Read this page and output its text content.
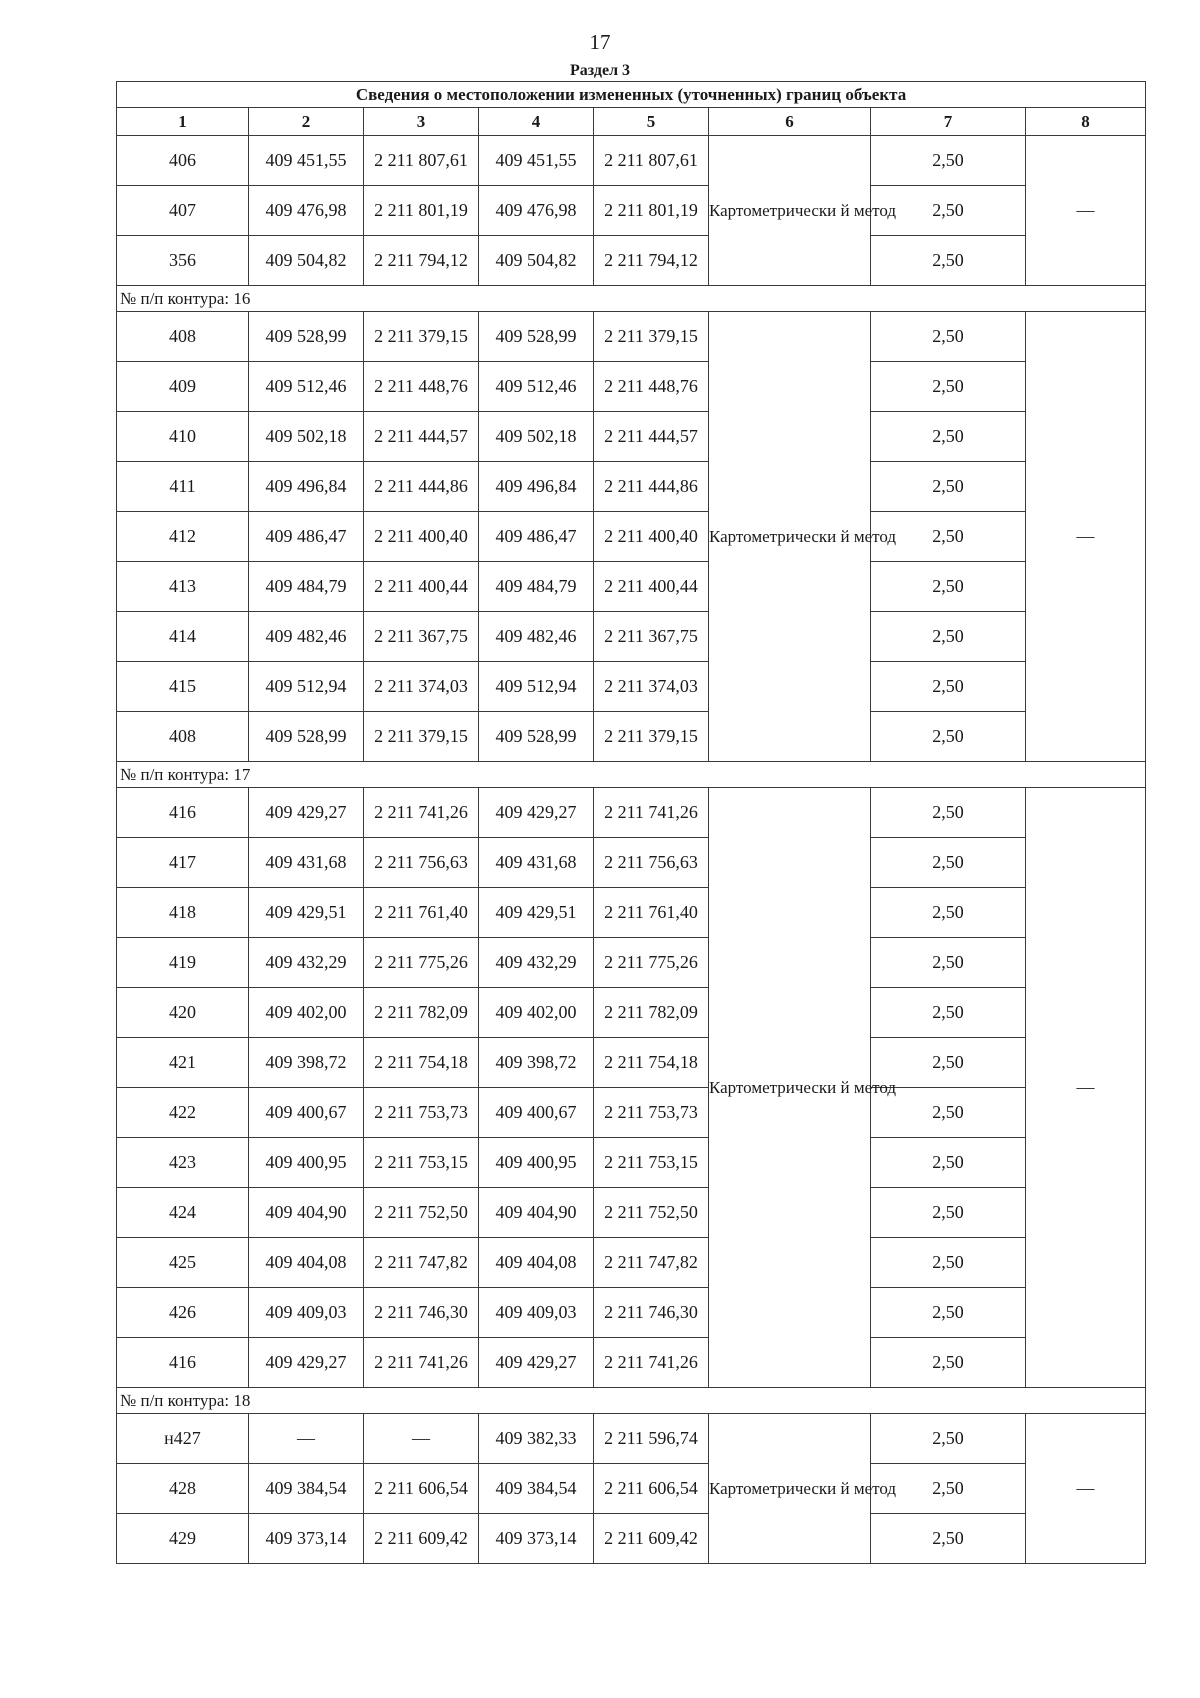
17
Раздел 3
Сведения о местоположении измененных (уточненных) границ объекта							
1	2	3	4	5	6	7	8
406	409 451,55	2 211 807,61	409 451,55	2 211 807,61	Картометрически й метод	2,50	—
407	409 476,98	2 211 801,19	409 476,98	2 211 801,19		2,50	
356	409 504,82	2 211 794,12	409 504,82	2 211 794,12		2,50	
№ п/п контура: 16							
408	409 528,99	2 211 379,15	409 528,99	2 211 379,15	Картометрически й метод	2,50	—
409	409 512,46	2 211 448,76	409 512,46	2 211 448,76		2,50	
410	409 502,18	2 211 444,57	409 502,18	2 211 444,57		2,50	
411	409 496,84	2 211 444,86	409 496,84	2 211 444,86		2,50	
412	409 486,47	2 211 400,40	409 486,47	2 211 400,40		2,50	
413	409 484,79	2 211 400,44	409 484,79	2 211 400,44		2,50	
414	409 482,46	2 211 367,75	409 482,46	2 211 367,75		2,50	
415	409 512,94	2 211 374,03	409 512,94	2 211 374,03		2,50	
408	409 528,99	2 211 379,15	409 528,99	2 211 379,15		2,50	
№ п/п контура: 17							
416	409 429,27	2 211 741,26	409 429,27	2 211 741,26	Картометрически й метод	2,50	—
417	409 431,68	2 211 756,63	409 431,68	2 211 756,63		2,50	
418	409 429,51	2 211 761,40	409 429,51	2 211 761,40		2,50	
419	409 432,29	2 211 775,26	409 432,29	2 211 775,26		2,50	
420	409 402,00	2 211 782,09	409 402,00	2 211 782,09		2,50	
421	409 398,72	2 211 754,18	409 398,72	2 211 754,18		2,50	
422	409 400,67	2 211 753,73	409 400,67	2 211 753,73		2,50	
423	409 400,95	2 211 753,15	409 400,95	2 211 753,15		2,50	
424	409 404,90	2 211 752,50	409 404,90	2 211 752,50		2,50	
425	409 404,08	2 211 747,82	409 404,08	2 211 747,82		2,50	
426	409 409,03	2 211 746,30	409 409,03	2 211 746,30		2,50	
416	409 429,27	2 211 741,26	409 429,27	2 211 741,26		2,50	
№ п/п контура: 18							
н427	—	—	409 382,33	2 211 596,74	Картометрически й метод	2,50	—
428	409 384,54	2 211 606,54	409 384,54	2 211 606,54		2,50	
429	409 373,14	2 211 609,42	409 373,14	2 211 609,42		2,50	
